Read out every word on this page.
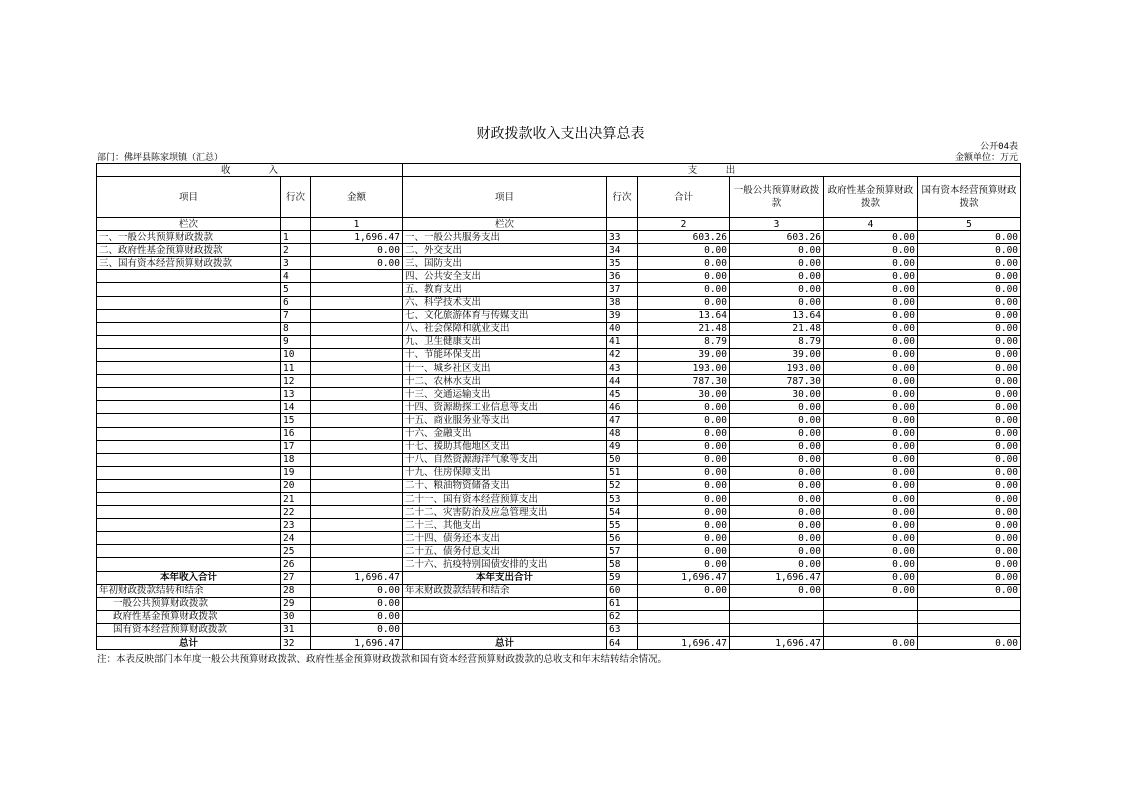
财政拨款收入支出决算总表
公开04表
金额单位：万元
部门：佛坪县陈家坝镇（汇总）
收　　　　入			支　　　出					
项目	行次	金额	项目	行次	合计	一般公共预算财政拨款	政府性基金预算财政拨款	国有资本经营预算财政拨款
栏次		1	栏次		2	3	4	5
一、一般公共预算财政拨款	1	1,696.47	一、一般公共服务支出	33	603.26	603.26	0.00	0.00
二、政府性基金预算财政拨款	2	0.00	二、外交支出	34	0.00	0.00	0.00	0.00
三、国有资本经营预算财政拨款	3	0.00	三、国防支出	35	0.00	0.00	0.00	0.00
	4		四、公共安全支出	36	0.00	0.00	0.00	0.00
	5		五、教育支出	37	0.00	0.00	0.00	0.00
	6		六、科学技术支出	38	0.00	0.00	0.00	0.00
	7		七、文化旅游体育与传媒支出	39	13.64	13.64	0.00	0.00
	8		八、社会保障和就业支出	40	21.48	21.48	0.00	0.00
	9		九、卫生健康支出	41	8.79	8.79	0.00	0.00
	10		十、节能环保支出	42	39.00	39.00	0.00	0.00
	11		十一、城乡社区支出	43	193.00	193.00	0.00	0.00
	12		十二、农林水支出	44	787.30	787.30	0.00	0.00
	13		十三、交通运输支出	45	30.00	30.00	0.00	0.00
	14		十四、资源勘探工业信息等支出	46	0.00	0.00	0.00	0.00
	15		十五、商业服务业等支出	47	0.00	0.00	0.00	0.00
	16		十六、金融支出	48	0.00	0.00	0.00	0.00
	17		十七、援助其他地区支出	49	0.00	0.00	0.00	0.00
	18		十八、自然资源海洋气象等支出	50	0.00	0.00	0.00	0.00
	19		十九、住房保障支出	51	0.00	0.00	0.00	0.00
	20		二十、粮油物资储备支出	52	0.00	0.00	0.00	0.00
	21		二十一、国有资本经营预算支出	53	0.00	0.00	0.00	0.00
	22		二十二、灾害防治及应急管理支出	54	0.00	0.00	0.00	0.00
	23		二十三、其他支出	55	0.00	0.00	0.00	0.00
	24		二十四、债务还本支出	56	0.00	0.00	0.00	0.00
	25		二十五、债务付息支出	57	0.00	0.00	0.00	0.00
	26		二十六、抗疫特别国债安排的支出	58	0.00	0.00	0.00	0.00
本年收入合计	27	1,696.47	本年支出合计	59	1,696.47	1,696.47	0.00	0.00
年初财政拨款结转和结余	28	0.00	年末财政拨款结转和结余	60	0.00	0.00	0.00	0.00
一般公共预算财政拨款	29	0.00		61				
政府性基金预算财政拨款	30	0.00		62				
国有资本经营预算财政拨款	31	0.00		63				
总计	32	1,696.47	总计	64	1,696.47	1,696.47	0.00	0.00
注：本表反映部门本年度一般公共预算财政拨款、政府性基金预算财政拨款和国有资本经营预算财政拨款的总收支和年末结转结余情况。
